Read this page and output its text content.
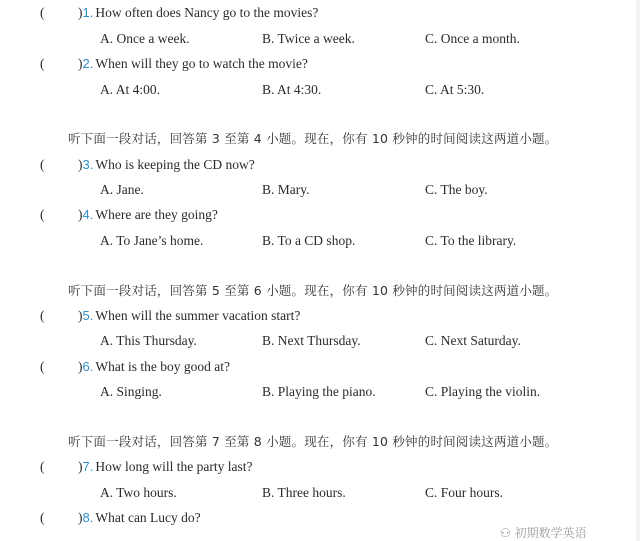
( )1. How often does Nancy go to the movies?
A. Once a week.	B. Twice a week.	C. Once a month.
( )2. When will they go to watch the movie?
A. At 4:00.	B. At 4:30.	C. At 5:30.
听下面一段对话，回答第 3 至第 4 小题。现在，你有 10 秒钟的时间阅读这两道小题。
( )3. Who is keeping the CD now?
A. Jane.	B. Mary.	C. The boy.
( )4. Where are they going?
A. To Jane’s home.	B. To a CD shop.	C. To the library.
听下面一段对话，回答第 5 至第 6 小题。现在，你有 10 秒钟的时间阅读这两道小题。
( )5. When will the summer vacation start?
A. This Thursday.	B. Next Thursday.	C. Next Saturday.
( )6. What is the boy good at?
A. Singing.	B. Playing the piano.	C. Playing the violin.
听下面一段对话，回答第 7 至第 8 小题。现在，你有 10 秒钟的时间阅读这两道小题。
( )7. How long will the party last?
A. Two hours.	B. Three hours.	C. Four hours.
( )8. What can Lucy do?
⚇ 初期数学英语
